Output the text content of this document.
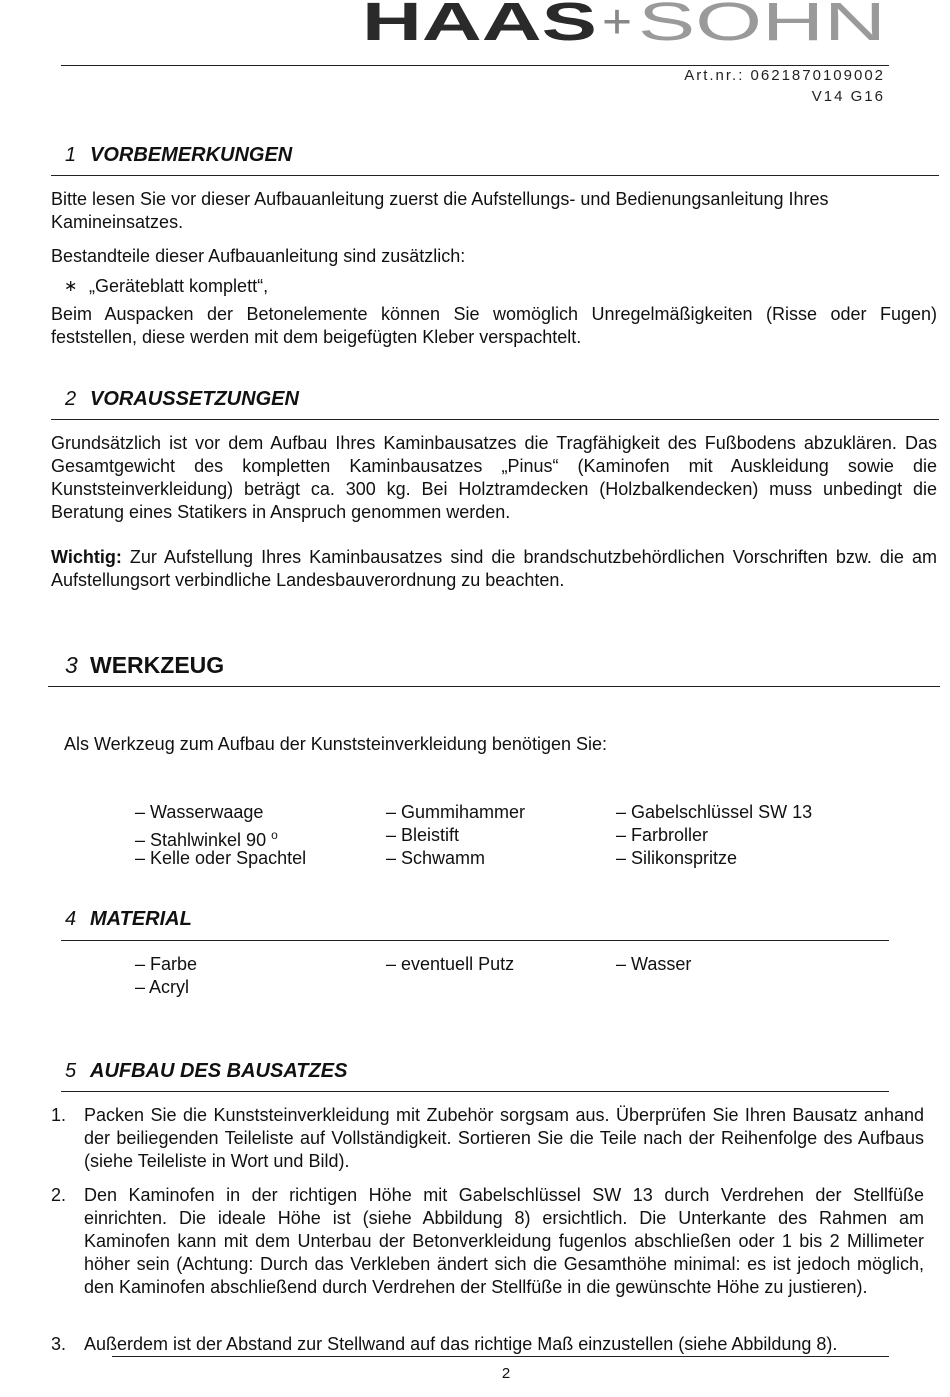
HAAS + SOHN
Art.nr.: 0621870109002
V14 G16
1 VORBEMERKUNGEN
Bitte lesen Sie vor dieser Aufbauanleitung zuerst die Aufstellungs- und Bedienungsanleitung Ihres Kamineinsatzes.
Bestandteile dieser Aufbauanleitung sind zusätzlich:
∗ „Geräteblatt komplett“,
Beim Auspacken der Betonelemente können Sie womöglich Unregelmäßigkeiten (Risse oder Fugen) feststellen, diese werden mit dem beigefügten Kleber verspachtelt.
2 VORAUSSETZUNGEN
Grundsätzlich ist vor dem Aufbau Ihres Kaminbausatzes die Tragfähigkeit des Fußbodens abzuklären. Das Gesamtgewicht des kompletten Kaminbausatzes „Pinus“ (Kaminofen mit Auskleidung sowie die Kunststeinverkleidung) beträgt ca. 300 kg. Bei Holztramdecken (Holzbalkendecken) muss unbedingt die Beratung eines Statikers in Anspruch genommen werden.
Wichtig: Zur Aufstellung Ihres Kaminbausatzes sind die brandschutzbehördlichen Vorschriften bzw. die am Aufstellungsort verbindliche Landesbauverordnung zu beachten.
3 WERKZEUG
Als Werkzeug zum Aufbau der Kunststeinverkleidung benötigen Sie:
– Wasserwaage
– Stahlwinkel 90 $^o$
– Kelle oder Spachtel
– Gummihammer
– Bleistift
– Schwamm
– Gabelschlüssel SW 13
– Farbroller
– Silikonspritze
4 MATERIAL
– Farbe
– Acryl
– eventuell Putz	– Wasser
5 AUFBAU DES BAUSATZES
1. Packen Sie die Kunststeinverkleidung mit Zubehör sorgsam aus. Überprüfen Sie Ihren Bausatz anhand der beiliegenden Teileliste auf Vollständigkeit. Sortieren Sie die Teile nach der Reihenfolge des Aufbaus (siehe Teileliste in Wort und Bild).
2. Den Kaminofen in der richtigen Höhe mit Gabelschlüssel SW 13 durch Verdrehen der Stellfüße einrichten. Die ideale Höhe ist (siehe Abbildung 8) ersichtlich. Die Unterkante des Rahmen am Kaminofen kann mit dem Unterbau der Betonverkleidung fugenlos abschließen oder 1 bis 2 Millimeter höher sein (Achtung: Durch das Verkleben ändert sich die Gesamthöhe minimal: es ist jedoch möglich, den Kaminofen abschließend durch Verdrehen der Stellfüße in die gewünschte Höhe zu justieren).
3. Außerdem ist der Abstand zur Stellwand auf das richtige Maß einzustellen (siehe Abbildung 8).
2
